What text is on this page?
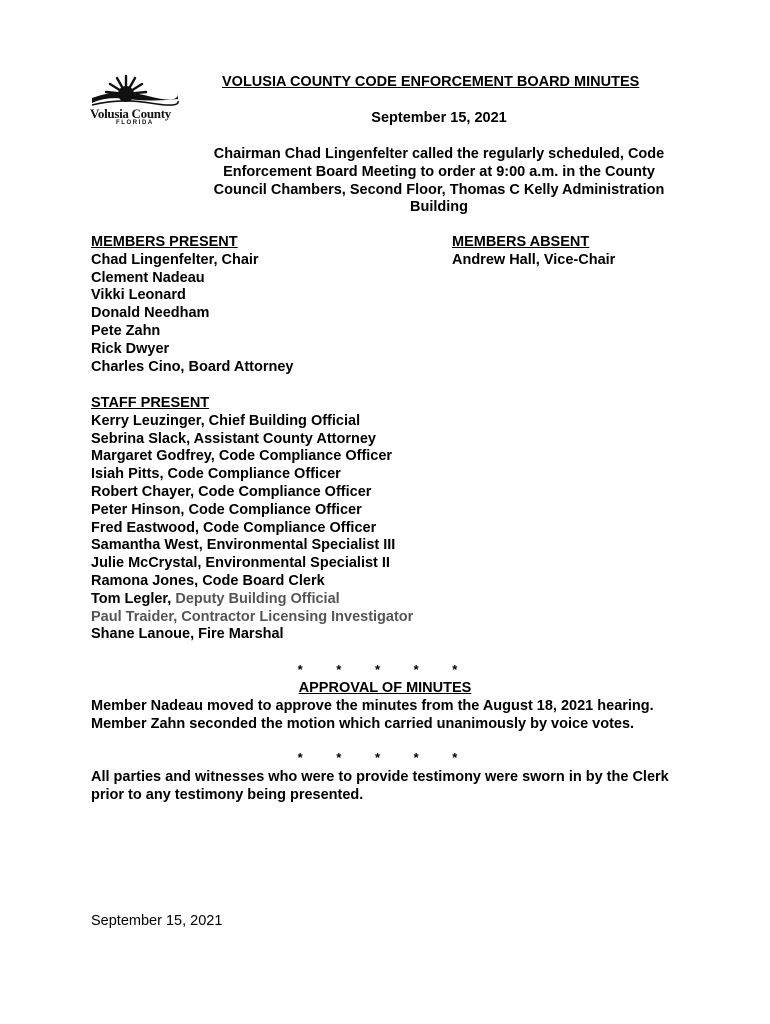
Volusia County
FLORIDA
VOLUSIA COUNTY CODE ENFORCEMENT BOARD MINUTES
September 15, 2021
Chairman Chad Lingenfelter called the regularly scheduled, Code Enforcement Board Meeting to order at 9:00 a.m. in the County Council Chambers, Second Floor, Thomas C Kelly Administration Building
MEMBERS PRESENT
Chad Lingenfelter, Chair
Clement Nadeau
Vikki Leonard
Donald Needham
Pete Zahn
Rick Dwyer
Charles Cino, Board Attorney
MEMBERS ABSENT
Andrew Hall, Vice-Chair
STAFF PRESENT
Kerry Leuzinger, Chief Building Official
Sebrina Slack, Assistant County Attorney
Margaret Godfrey, Code Compliance Officer
Isiah Pitts, Code Compliance Officer
Robert Chayer, Code Compliance Officer
Peter Hinson, Code Compliance Officer
Fred Eastwood, Code Compliance Officer
Samantha West, Environmental Specialist III
Julie McCrystal, Environmental Specialist II
Ramona Jones, Code Board Clerk
Tom Legler, Deputy Building Official
Paul Traider, Contractor Licensing Investigator
Shane Lanoue, Fire Marshal
* * * * *
APPROVAL OF MINUTES
Member Nadeau moved to approve the minutes from the August 18, 2021 hearing. Member Zahn seconded the motion which carried unanimously by voice votes.
* * * * *
All parties and witnesses who were to provide testimony were sworn in by the Clerk prior to any testimony being presented.
September 15, 2021
